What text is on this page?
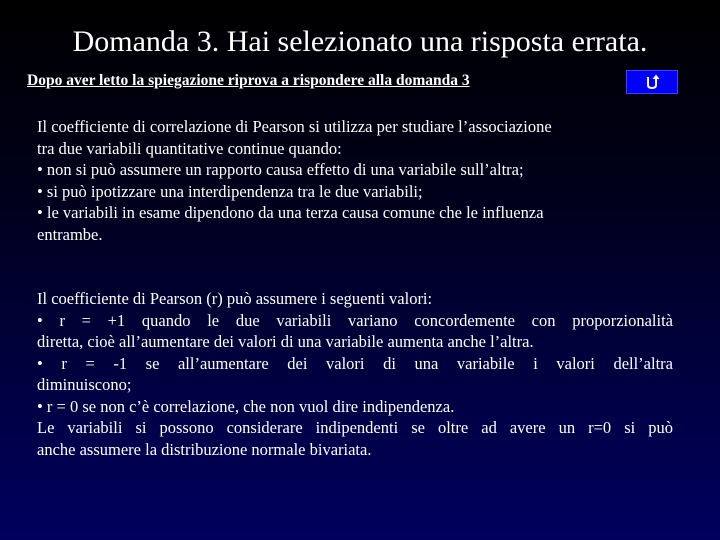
Domanda 3. Hai selezionato una risposta errata.
Dopo aver letto la spiegazione riprova a rispondere alla domanda 3
Il coefficiente di correlazione di Pearson si utilizza per studiare l’associazione
tra due variabili quantitative continue quando:
• non si può assumere un rapporto causa effetto di una variabile sull’altra;
• si può ipotizzare una interdipendenza tra le due variabili;
• le variabili in esame dipendono da una terza causa comune che le influenza
entrambe.
Il coefficiente di Pearson (r) può assumere i seguenti valori:
• r = +1 quando le due variabili variano concordemente con proporzionalità
diretta, cioè all’aumentare dei valori di una variabile aumenta anche l’altra.
• r = -1 se all’aumentare dei valori di una variabile i valori dell’altra
diminuiscono;
• r = 0 se non c’è correlazione, che non vuol dire indipendenza.
Le variabili si possono considerare indipendenti se oltre ad avere un r=0 si può
anche assumere la distribuzione normale bivariata.
